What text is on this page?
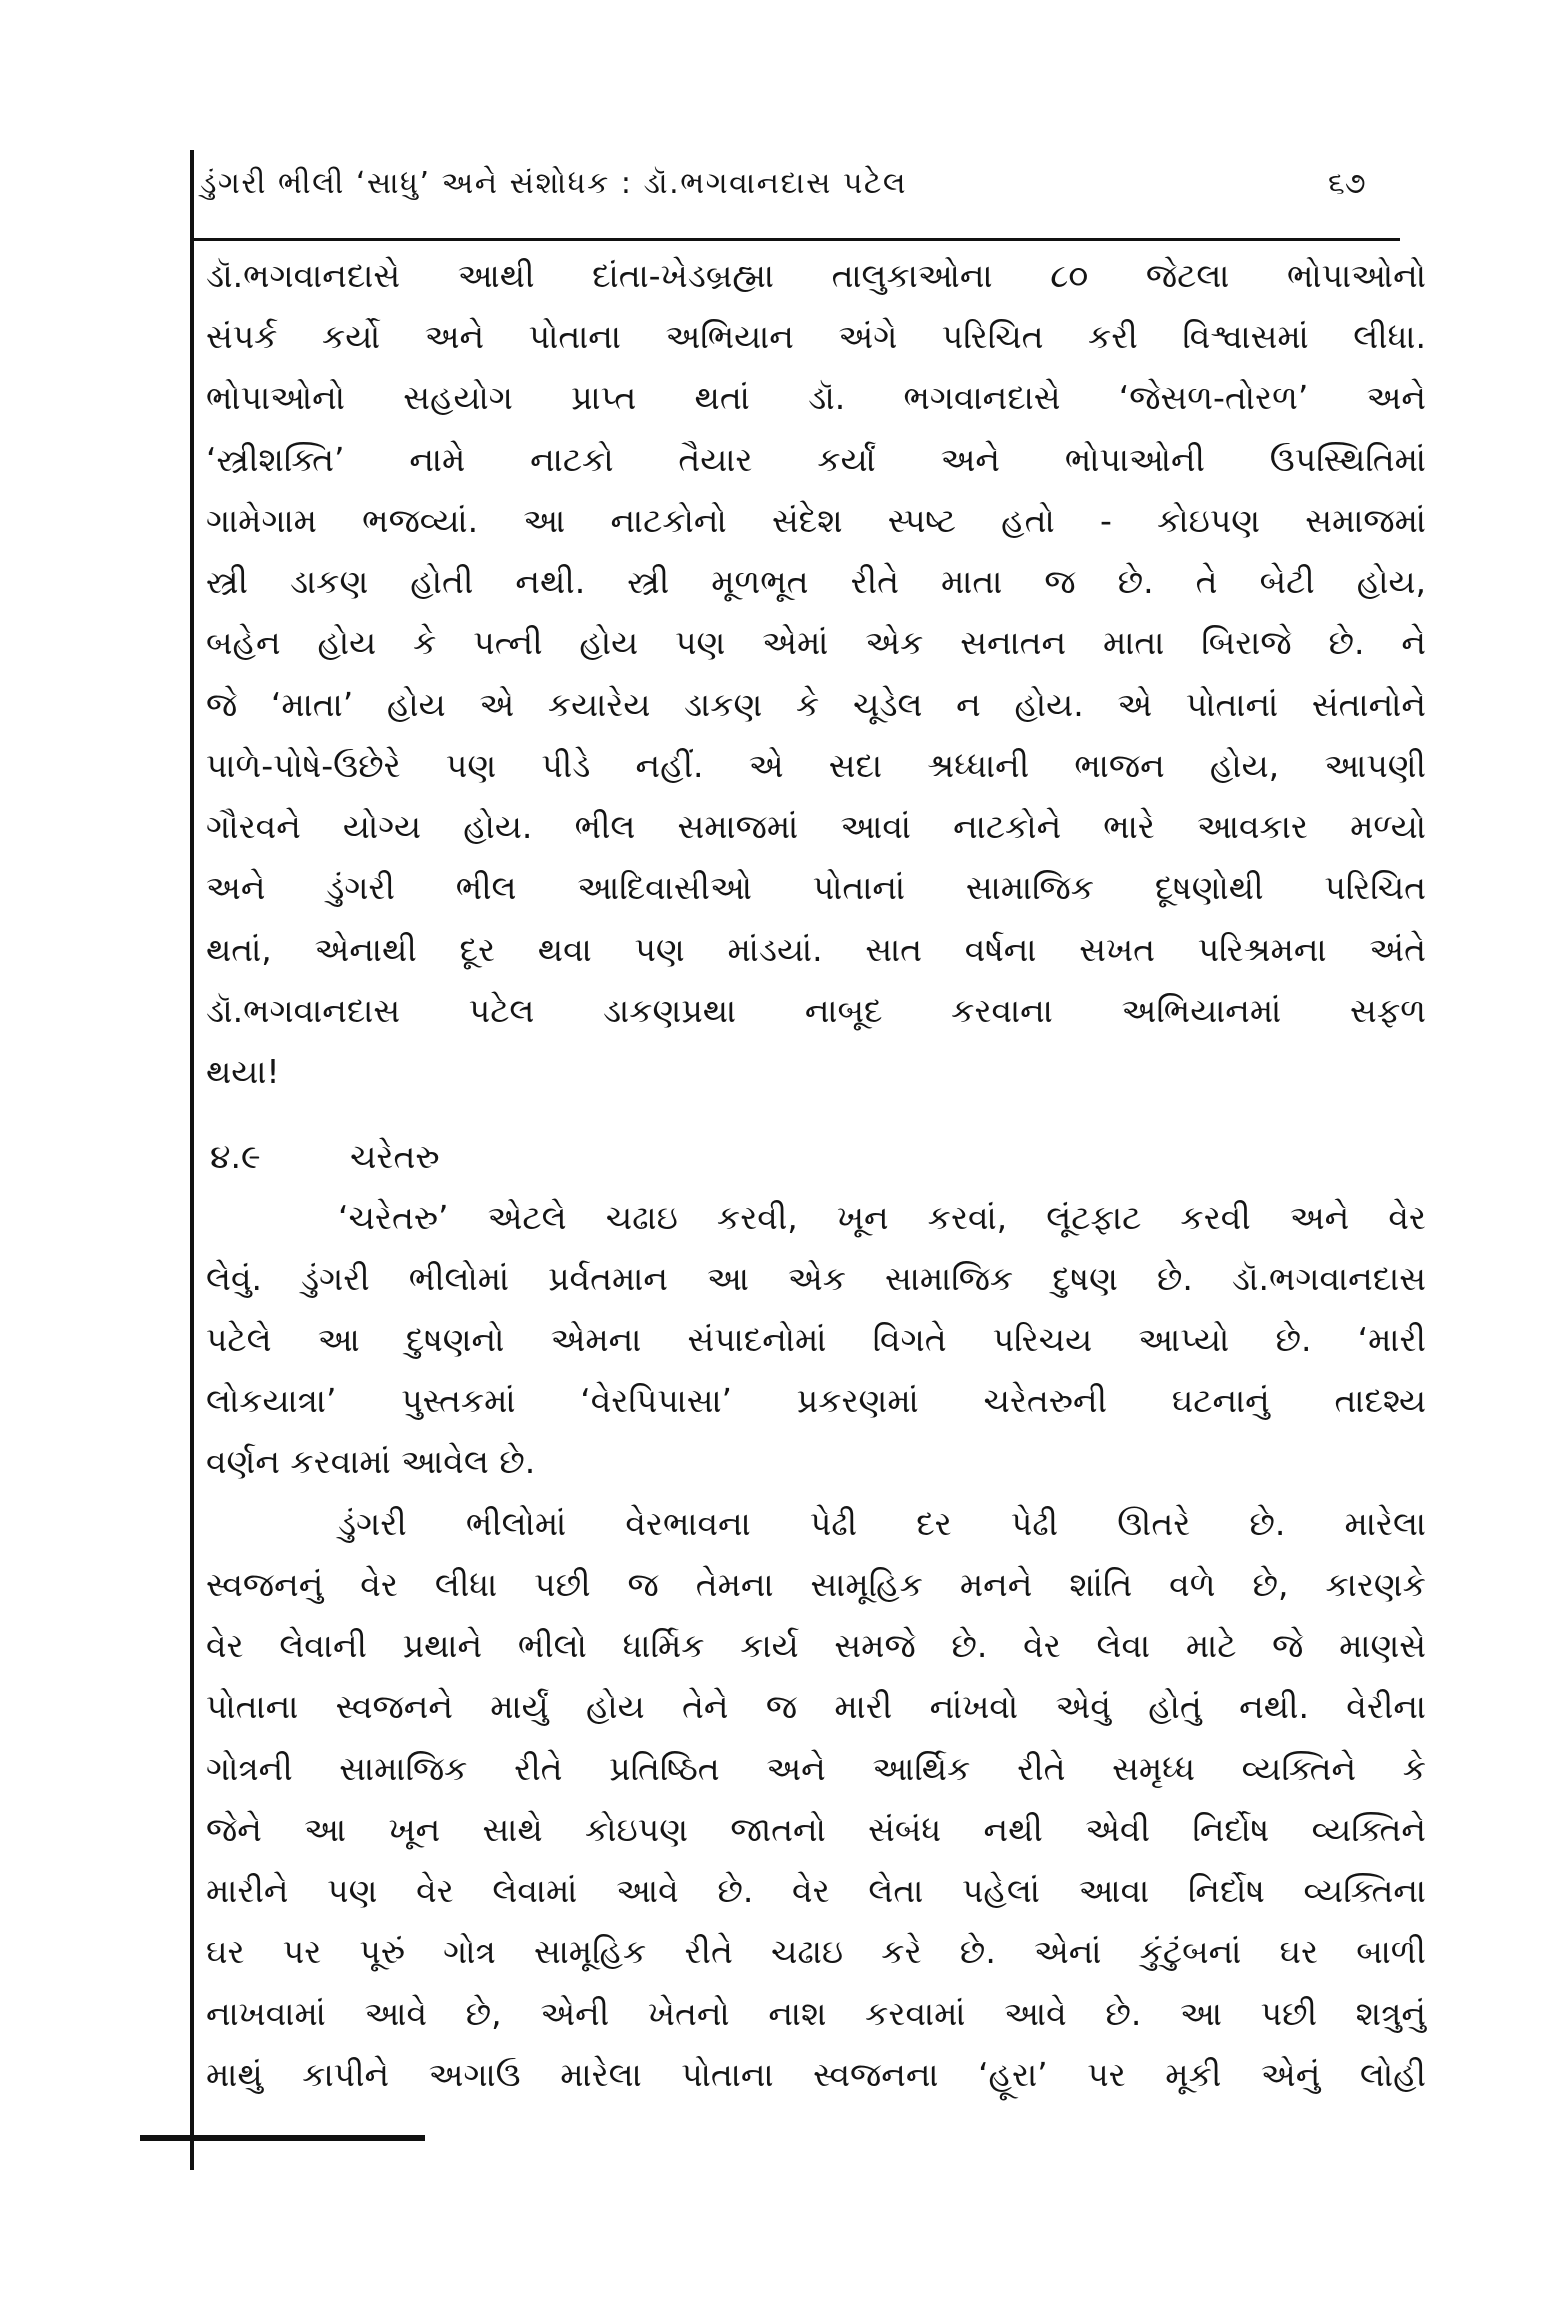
ડુંગરી ભીલી ‘સાધુ’ અને સંશોધક : ડૉ.ભગવાનદાસ પટેલ	૬૭
ડૉ.ભગવાનદાસે આથી દાંતા-ખેડબ્રહ્મા તાલુકાઓના ૮૦ જેટલા ભોપાઓનો
સંપર્ક કર્યો અને પોતાના અભિયાન અંગે પરિચિત કરી વિશ્વાસમાં લીધા.
ભોપાઓનો સહયોગ પ્રાપ્ત થતાં ડૉ. ભગવાનદાસે ‘જેસળ-તોરળ’ અને
‘સ્ત્રીશક્તિ’ નામે નાટકો તૈયાર કર્યાં અને ભોપાઓની ઉપસ્થિતિમાં
ગામેગામ ભજવ્યાં. આ નાટકોનો સંદેશ સ્પષ્ટ હતો - કોઇપણ સમાજમાં
સ્ત્રી ડાકણ હોતી નથી. સ્ત્રી મૂળભૂત રીતે માતા જ છે. તે બેટી હોય,
બહેન હોય કે પત્ની હોય પણ એમાં એક સનાતન માતા બિરાજે છે. ને
જે ‘માતા’ હોય એ કયારેય ડાકણ કે ચૂડેલ ન હોય. એ પોતાનાં સંતાનોને
પાળે-પોષે-ઉછેરે પણ પીડે નહીં. એ સદા શ્રધ્ધાની ભાજન હોય, આપણી
ગૌરવને યોગ્ય હોય. ભીલ સમાજમાં આવાં નાટકોને ભારે આવકાર મળ્યો
અને ડુંગરી ભીલ આદિવાસીઓ પોતાનાં સામાજિક દૂષણોથી પરિચિત
થતાં, એનાથી દૂર થવા પણ માંડયાં. સાત વર્ષના સખત પરિશ્રમના અંતે
ડૉ.ભગવાનદાસ પટેલ ડાકણપ્રથા નાબૂદ કરવાના અભિયાનમાં સફળ
થયા!
૪.૯	ચરેતરુ
‘ચરેતરુ’ એટલે ચઢાઇ કરવી, ખૂન કરવાં, લૂંટફાટ કરવી અને વેર
લેવું. ડુંગરી ભીલોમાં પ્રર્વતમાન આ એક સામાજિક દુષણ છે. ડૉ.ભગવાનદાસ
પટેલે આ દુષણનો એમના સંપાદનોમાં વિગતે પરિચય આપ્યો છે. ‘મારી
લોકયાત્રા’ પુસ્તકમાં ‘વેરપિપાસા’ પ્રકરણમાં ચરેતરુની ઘટનાનું તાદશ્ય
વર્ણન કરવામાં આવેલ છે.
ડુંગરી ભીલોમાં વેરભાવના પેઢી દર પેઢી ઊતરે છે. મારેલા
સ્વજનનું વેર લીધા પછી જ તેમના સામૂહિક મનને શાંતિ વળે છે, કારણકે
વેર લેવાની પ્રથાને ભીલો ધાર્મિક કાર્ય સમજે છે. વેર લેવા માટે જે માણસે
પોતાના સ્વજનને માર્યું હોય તેને જ મારી નાંખવો એવું હોતું નથી. વેરીના
ગોત્રની સામાજિક રીતે પ્રતિષ્ઠિત અને આર્થિક રીતે સમૃધ્ધ વ્યક્તિને કે
જેને આ ખૂન સાથે કોઇપણ જાતનો સંબંધ નથી એવી નિર્દોષ વ્યક્તિને
મારીને પણ વેર લેવામાં આવે છે. વેર લેતા પહેલાં આવા નિર્દોષ વ્યક્તિના
ઘર પર પૂરું ગોત્ર સામૂહિક રીતે ચઢાઇ કરે છે. એનાં કુંટુંબનાં ઘર બાળી
નાખવામાં આવે છે, એની ખેતનો નાશ કરવામાં આવે છે. આ પછી શત્રુનું
માથું કાપીને અગાઉ મારેલા પોતાના સ્વજનના ‘હૂરા’ પર મૂકી એનું લોહી
